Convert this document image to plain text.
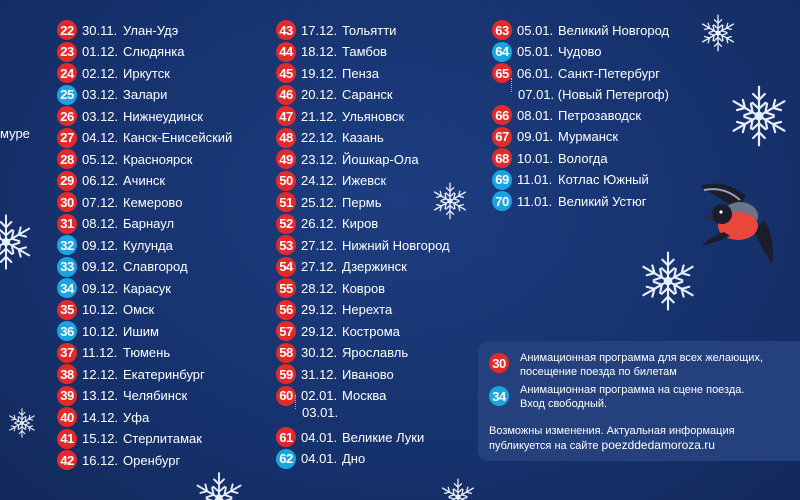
муре
22 30.11. Улан-Удэ
23 01.12. Слюдянка
24 02.12. Иркутск
25 03.12. Залари
26 03.12. Нижнеудинск
27 04.12. Канск-Енисейский
28 05.12. Красноярск
29 06.12. Ачинск
30 07.12. Кемерово
31 08.12. Барнаул
32 09.12. Кулунда
33 09.12. Славгород
34 09.12. Карасук
35 10.12. Омск
36 10.12. Ишим
37 11.12. Тюмень
38 12.12. Екатеринбург
39 13.12. Челябинск
40 14.12. Уфа
41 15.12. Стерлитамак
42 16.12. Оренбург
43 17.12. Тольятти
44 18.12. Тамбов
45 19.12. Пенза
46 20.12. Саранск
47 21.12. Ульяновск
48 22.12. Казань
49 23.12. Йошкар-Ола
50 24.12. Ижевск
51 25.12. Пермь
52 26.12. Киров
53 27.12. Нижний Новгород
54 27.12. Дзержинск
55 28.12. Ковров
56 29.12. Нерехта
57 29.12. Кострома
58 30.12. Ярославль
59 31.12. Иваново
60 02.01. Москва
61 04.01. Великие Луки
62 04.01. Дно
63 05.01. Великий Новгород
64 05.01. Чудово
65 06.01. Санкт-Петербург
66 08.01. Петрозаводск
67 09.01. Мурманск
68 10.01. Вологда
69 11.01. Котлас Южный
70 11.01. Великий Устюг
03.01.
07.01. (Новый Петергоф)
30 Анимационная программа для всех желающих,
посещение поезда по билетам
34 Анимационная программа на сцене поезда.
Вход свободный.
Возможны изменения. Актуальная информация
публикуется на сайте poezddedamoroza.ru
